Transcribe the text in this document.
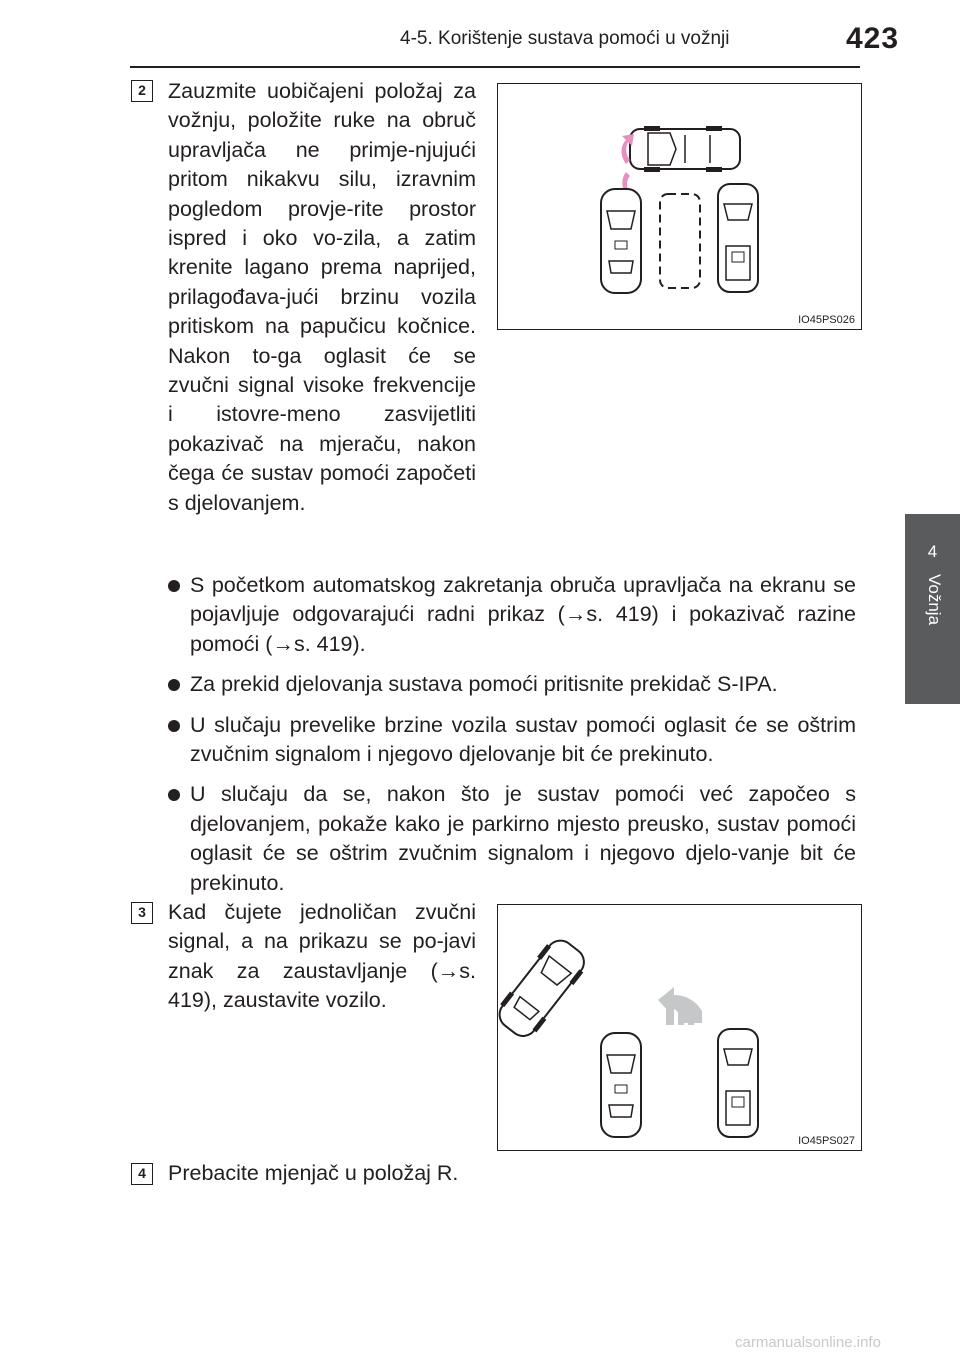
4-5. Korištenje sustava pomoći u vožnji	423
4
Vožnja
2	Zauzmite uobičajeni položaj za vožnju, položite ruke na obruč upravljača ne primje-njujući pritom nikakvu silu, izravnim pogledom provje-rite prostor ispred i oko vo-zila, a zatim krenite lagano prema naprijed, prilagođava-jući brzinu vozila pritiskom na papučicu kočnice. Nakon to-ga oglasit će se zvučni signal visoke frekvencije i istovre-meno zasvijetliti pokazivač na mjeraču, nakon čega će sustav pomoći započeti s djelovanjem.
IO45PS026
S početkom automatskog zakretanja obruča upravljača na ekranu se pojavljuje odgovarajući radni prikaz (→s. 419) i pokazivač razine pomoći (→s. 419).
Za prekid djelovanja sustava pomoći pritisnite prekidač S-IPA.
U slučaju prevelike brzine vozila sustav pomoći oglasit će se oštrim zvučnim signalom i njegovo djelovanje bit će prekinuto.
U slučaju da se, nakon što je sustav pomoći već započeo s djelovanjem, pokaže kako je parkirno mjesto preusko, sustav pomoći oglasit će se oštrim zvučnim signalom i njegovo djelo-vanje bit će prekinuto.
3	Kad čujete jednoličan zvučni signal, a na prikazu se po-javi znak za zaustavljanje (→s. 419), zaustavite vozilo.
IO45PS027
4	Prebacite mjenjač u položaj R.
carmanualsonline.info
